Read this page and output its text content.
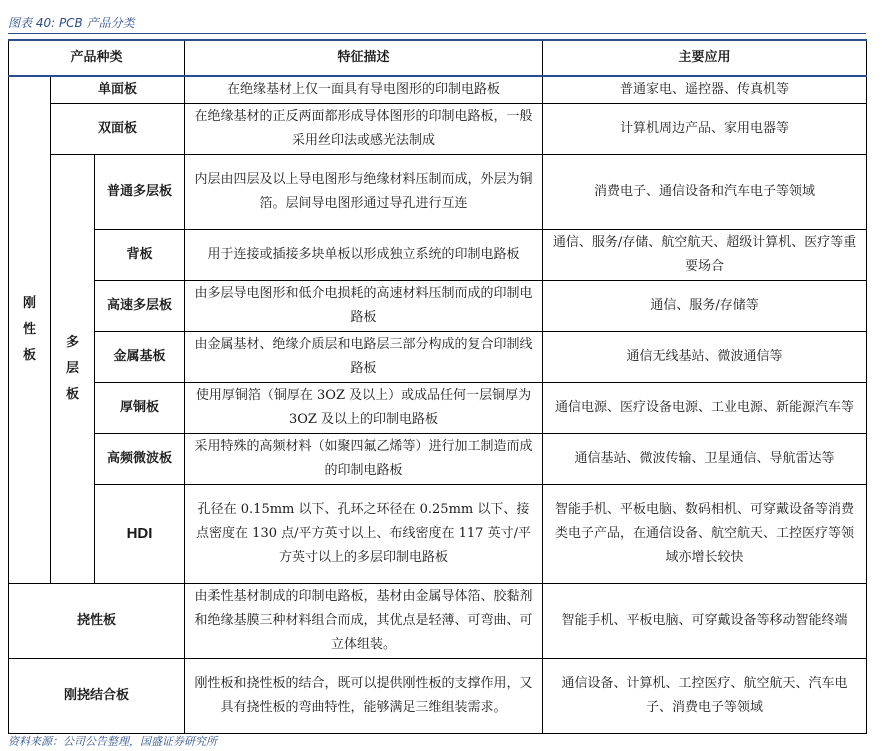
图表 40: PCB 产品分类
产品种类			特征描述	主要应用

刚性板	单面板		在绝缘基材上仅一面具有导电图形的印制电路板	普通家电、遥控器、传真机等
	双面板		在绝缘基材的正反两面都形成导体图形的印制电路板，一般采用丝印法或感光法制成	计算机周边产品、家用电器等

	多层板	普通多层板	内层由四层及以上导电图形与绝缘材料压制而成，外层为铜箔。层间导电图形通过导孔进行互连	消费电子、通信设备和汽车电子等领域
		背板	用于连接或插接多块单板以形成独立系统的印制电路板	通信、服务/存储、航空航天、超级计算机、医疗等重要场合
		高速多层板	由多层导电图形和低介电损耗的高速材料压制而成的印制电路板	通信、服务/存储等
		金属基板	由金属基材、绝缘介质层和电路层三部分构成的复合印制线路板	通信无线基站、微波通信等
		厚铜板	使用厚铜箔（铜厚在 3OZ 及以上）或成品任何一层铜厚为 3OZ 及以上的印制电路板	通信电源、医疗设备电源、工业电源、新能源汽车等
		高频微波板	采用特殊的高频材料（如聚四氟乙烯等）进行加工制造而成的印制电路板	通信基站、微波传输、卫星通信、导航雷达等
		HDI	孔径在 0.15mm 以下、孔环之环径在 0.25mm 以下、接点密度在 130 点/平方英寸以上、布线密度在 117 英寸/平方英寸以上的多层印制电路板	智能手机、平板电脑、数码相机、可穿戴设备等消费类电子产品，在通信设备、航空航天、工控医疗等领域亦增长较快
挠性板			由柔性基材制成的印制电路板，基材由金属导体箔、胶黏剂和绝缘基膜三种材料组合而成，其优点是轻薄、可弯曲、可立体组装。	智能手机、平板电脑、可穿戴设备等移动智能终端
刚挠结合板			刚性板和挠性板的结合，既可以提供刚性板的支撑作用，又具有挠性板的弯曲特性，能够满足三维组装需求。	通信设备、计算机、工控医疗、航空航天、汽车电子、消费电子等领域
资料来源：公司公告整理，国盛证券研究所
